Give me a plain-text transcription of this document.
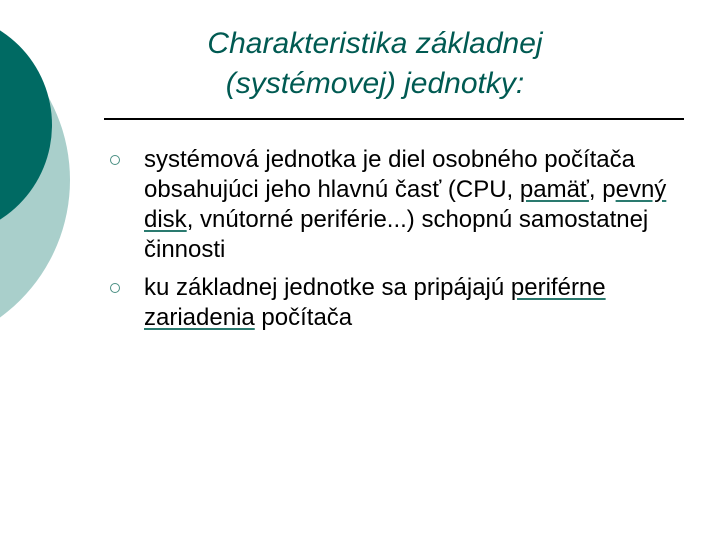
Charakteristika základnej
(systémovej) jednotky:
systémová jednotka je diel osobného počítača obsahujúci jeho hlavnú časť (CPU, pamäť, pevný disk, vnútorné periférie...) schopnú samostatnej činnosti
ku základnej jednotke sa pripájajú periférne zariadenia počítača
